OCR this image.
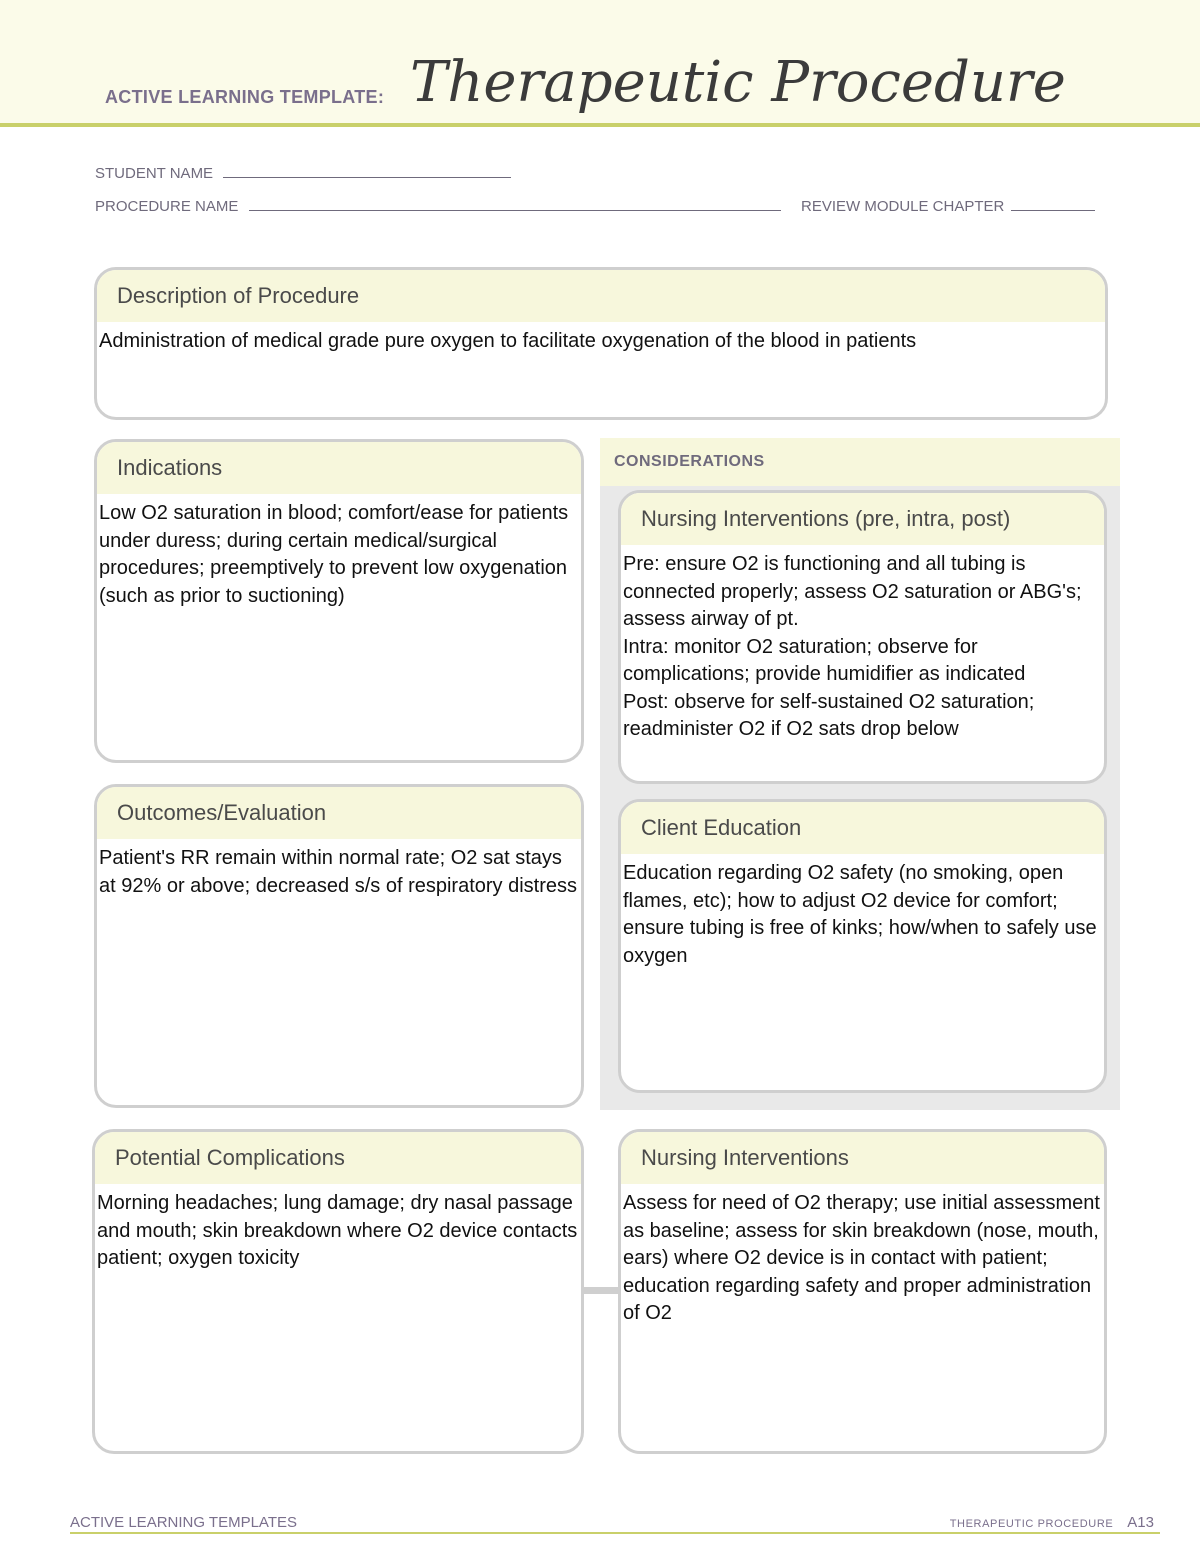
ACTIVE LEARNING TEMPLATE: Therapeutic Procedure
STUDENT NAME
PROCEDURE NAME	REVIEW MODULE CHAPTER
Description of Procedure
Administration of medical grade pure oxygen to facilitate oxygenation of the blood in patients
Indications
Low O2 saturation in blood; comfort/ease for patients under duress; during certain medical/surgical procedures; preemptively to prevent low oxygenation (such as prior to suctioning)
Outcomes/Evaluation
Patient's RR remain within normal rate; O2 sat stays at 92% or above; decreased s/s of respiratory distress
CONSIDERATIONS
Nursing Interventions (pre, intra, post)
Pre: ensure O2 is functioning and all tubing is connected properly; assess O2 saturation or ABG's; assess airway of pt.
Intra: monitor O2 saturation; observe for complications; provide humidifier as indicated
Post: observe for self-sustained O2 saturation;
readminister O2 if O2 sats drop below
Client Education
Education regarding O2 safety (no smoking, open flames, etc); how to adjust O2 device for comfort; ensure tubing is free of kinks; how/when to safely use oxygen
Potential Complications
Morning headaches; lung damage; dry nasal passage and mouth; skin breakdown where O2 device contacts patient; oxygen toxicity
Nursing Interventions
Assess for need of O2 therapy; use initial assessment as baseline; assess for skin breakdown (nose, mouth, ears) where O2 device is in contact with patient; education regarding safety and proper administration of O2
ACTIVE LEARNING TEMPLATES	THERAPEUTIC PROCEDURE A13
